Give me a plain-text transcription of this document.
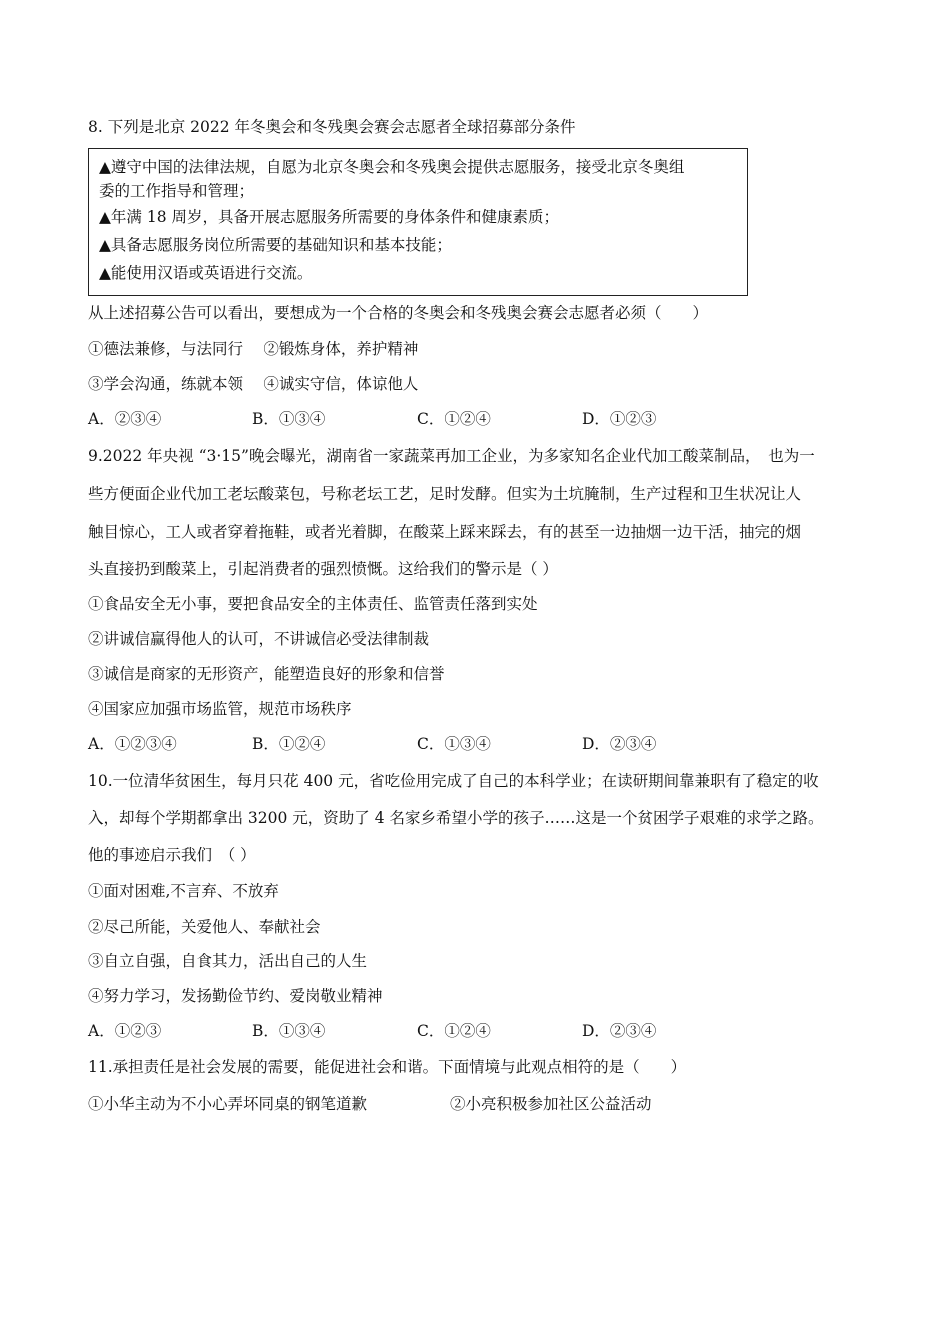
8. 下列是北京 2022 年冬奥会和冬残奥会赛会志愿者全球招募部分条件
▲遵守中国的法律法规，自愿为北京冬奥会和冬残奥会提供志愿服务，接受北京冬奥组
委的工作指导和管理；
▲年满 18 周岁，具备开展志愿服务所需要的身体条件和健康素质；
▲具备志愿服务岗位所需要的基础知识和基本技能；
▲能使用汉语或英语进行交流。
从上述招募公告可以看出，要想成为一个合格的冬奥会和冬残奥会赛会志愿者必须（　　）
①德法兼修，与法同行　 ②锻炼身体，养护精神
③学会沟通，练就本领　 ④诚实守信，体谅他人
A．②③④	B．①③④	C．①②④	D．①②③
9.2022 年央视 “3·15”晚会曝光，湖南省一家蔬菜再加工企业，为多家知名企业代加工酸菜制品，　也为一
些方便面企业代加工老坛酸菜包，号称老坛工艺，足时发酵。但实为土坑腌制，生产过程和卫生状况让人
触目惊心，工人或者穿着拖鞋，或者光着脚，在酸菜上踩来踩去，有的甚至一边抽烟一边干活，抽完的烟
头直接扔到酸菜上，引起消费者的强烈愤慨。这给我们的警示是（ ）
①食品安全无小事，要把食品安全的主体责任、监管责任落到实处
②讲诚信赢得他人的认可，不讲诚信必受法律制裁
③诚信是商家的无形资产，能塑造良好的形象和信誉
④国家应加强市场监管，规范市场秩序
A．①②③④	B．①②④	C．①③④	D．②③④
10.一位清华贫困生，每月只花 400 元，省吃俭用完成了自己的本科学业；在读研期间靠兼职有了稳定的收
入，却每个学期都拿出 3200 元，资助了 4 名家乡希望小学的孩子……这是一个贫困学子艰难的求学之路。
他的事迹启示我们　（ ）
①面对困难,不言弃、不放弃
②尽己所能，关爱他人、奉献社会
③自立自强，自食其力，活出自己的人生
④努力学习，发扬勤俭节约、爱岗敬业精神
A．①②③	B．①③④	C．①②④	D．②③④
11.承担责任是社会发展的需要，能促进社会和谐。下面情境与此观点相符的是（　　）
①小华主动为不小心弄坏同桌的钢笔道歉	②小亮积极参加社区公益活动
